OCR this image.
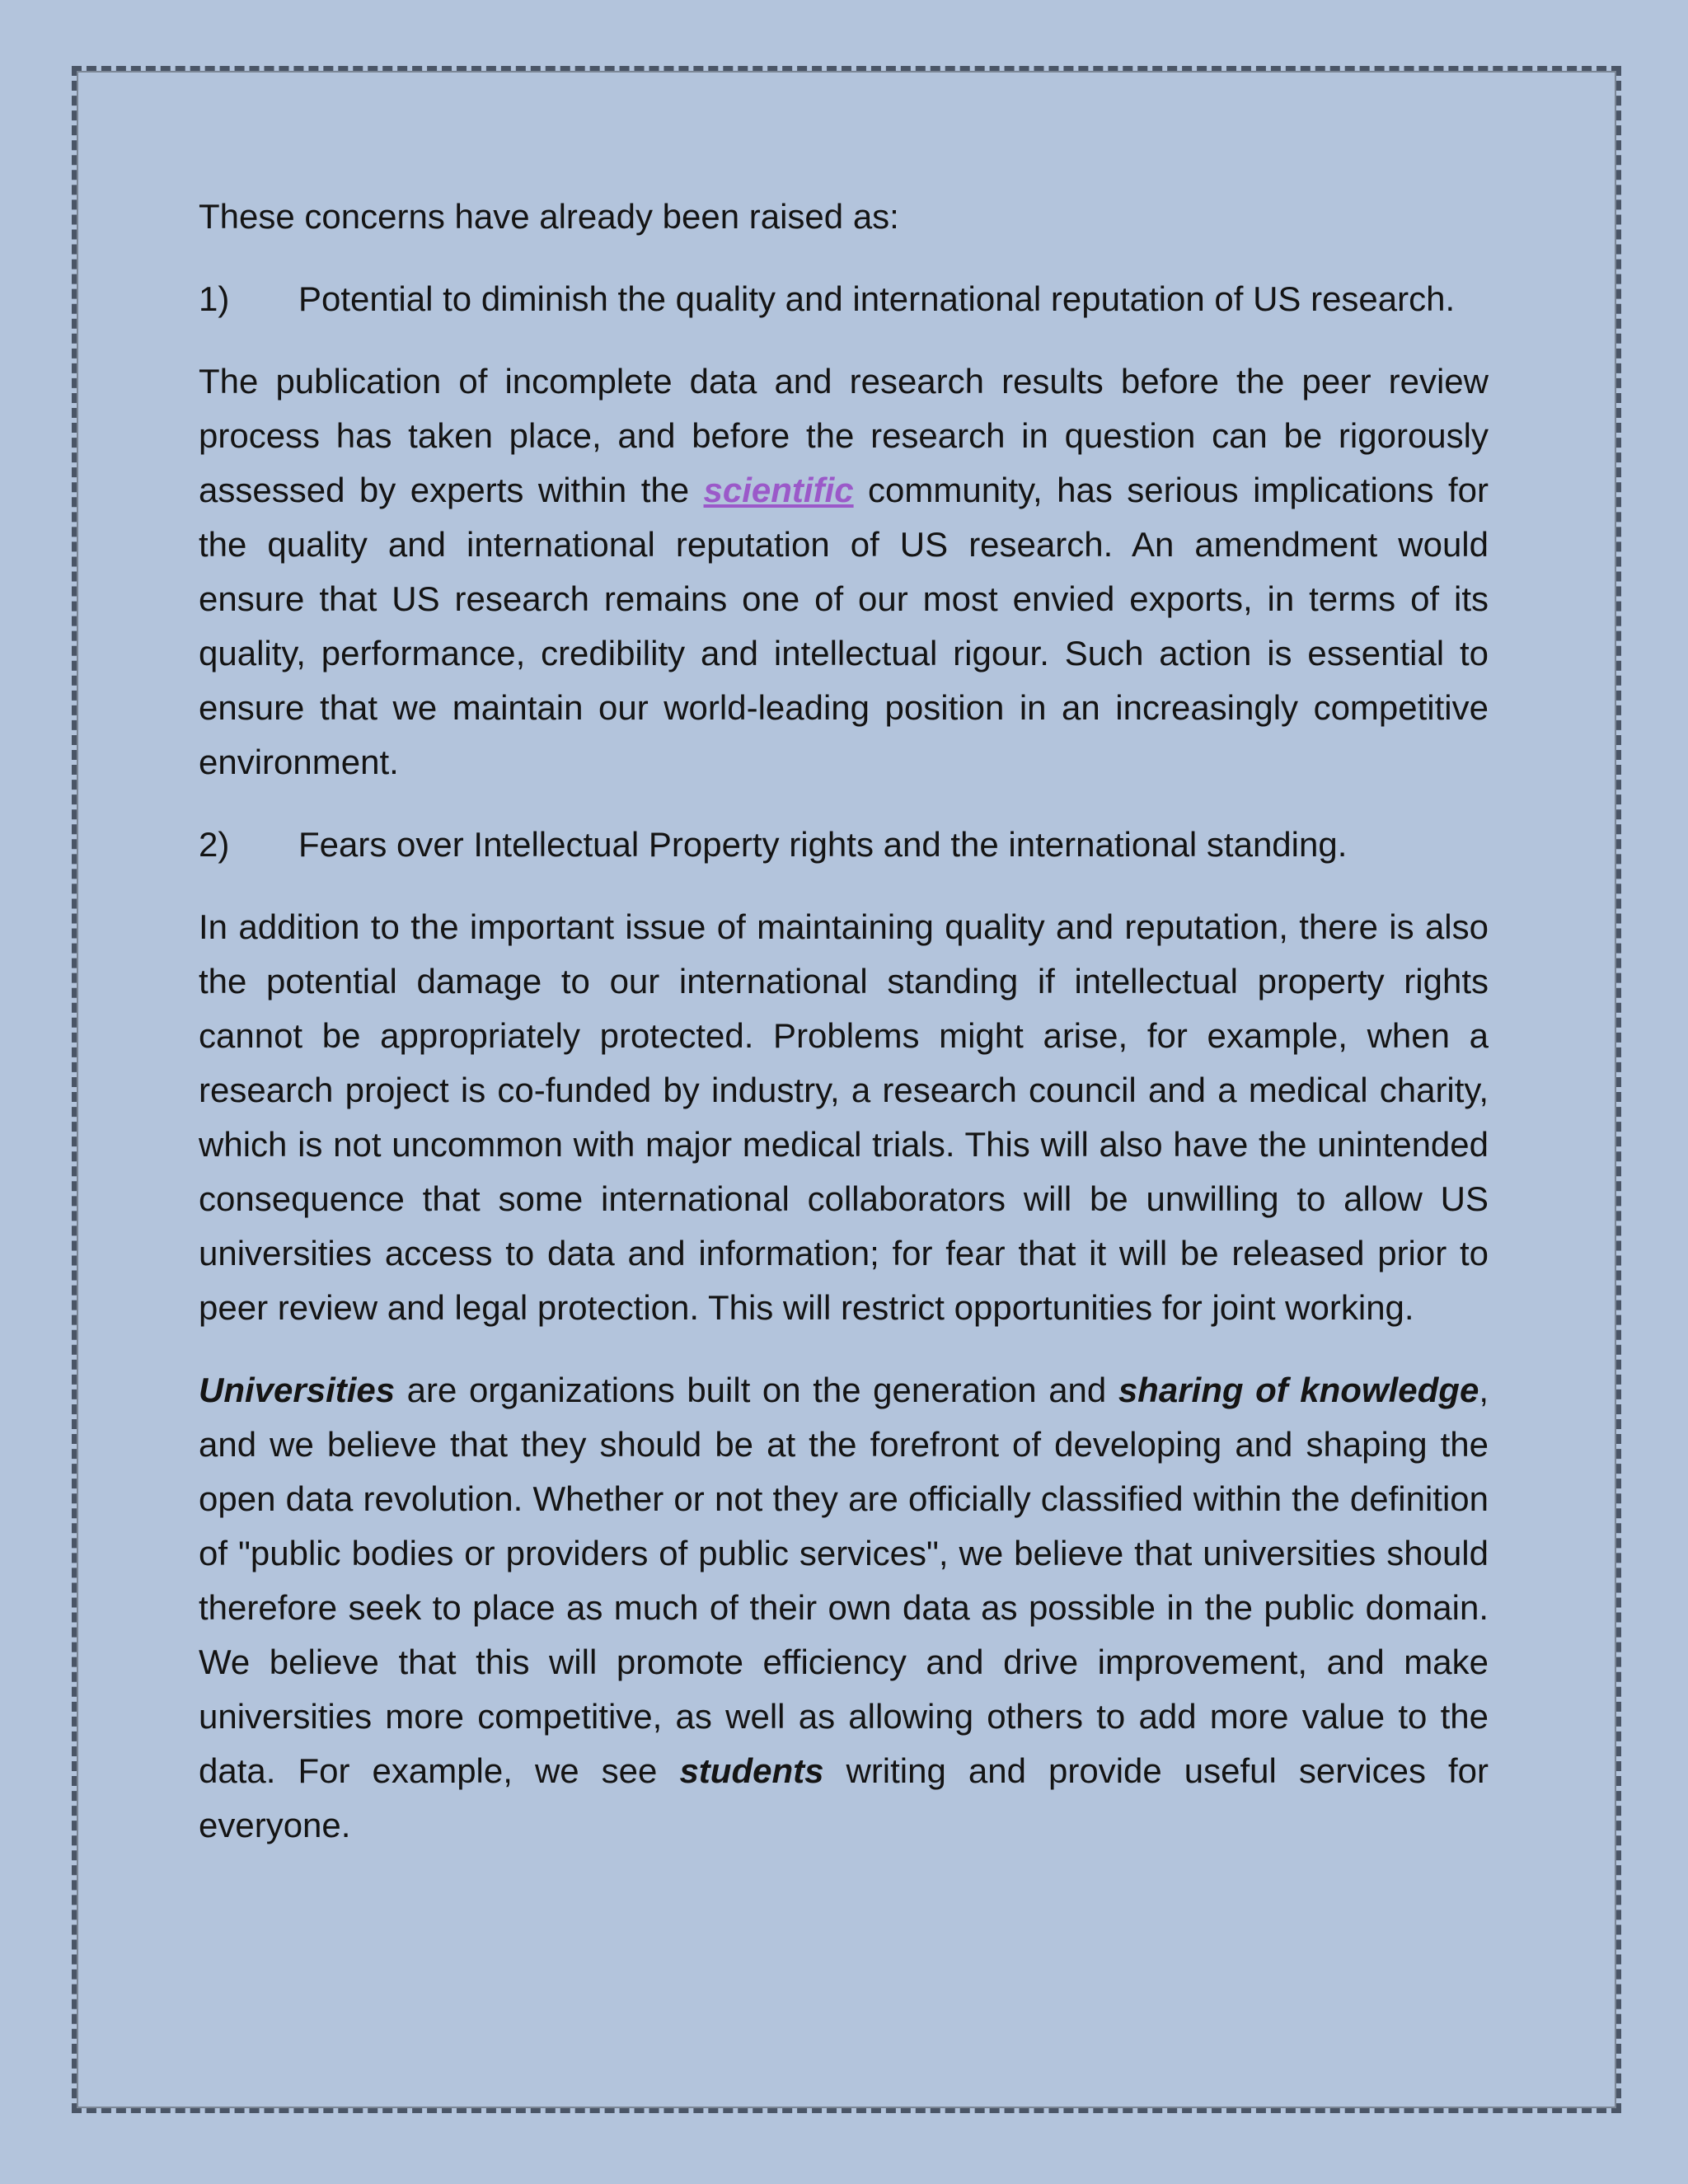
These concerns have already been raised as:

1)	Potential to diminish the quality and international reputation of US research.

The publication of incomplete data and research results before the peer review process has taken place, and before the research in question can be rigorously assessed by experts within the scientific community, has serious implications for the quality and international reputation of US research. An amendment would ensure that US research remains one of our most envied exports, in terms of its quality, performance, credibility and intellectual rigour. Such action is essential to ensure that we maintain our world-leading position in an increasingly competitive environment.

2)	Fears over Intellectual Property rights and the international standing.

In addition to the important issue of maintaining quality and reputation, there is also the potential damage to our international standing if intellectual property rights cannot be appropriately protected. Problems might arise, for example, when a research project is co-funded by industry, a research council and a medical charity, which is not uncommon with major medical trials. This will also have the unintended consequence that some international collaborators will be unwilling to allow US universities access to data and information; for fear that it will be released prior to peer review and legal protection. This will restrict opportunities for joint working.

Universities are organizations built on the generation and sharing of knowledge, and we believe that they should be at the forefront of developing and shaping the open data revolution. Whether or not they are officially classified within the definition of "public bodies or providers of public services", we believe that universities should therefore seek to place as much of their own data as possible in the public domain. We believe that this will promote efficiency and drive improvement, and make universities more competitive, as well as allowing others to add more value to the data. For example, we see students writing and provide useful services for everyone.
